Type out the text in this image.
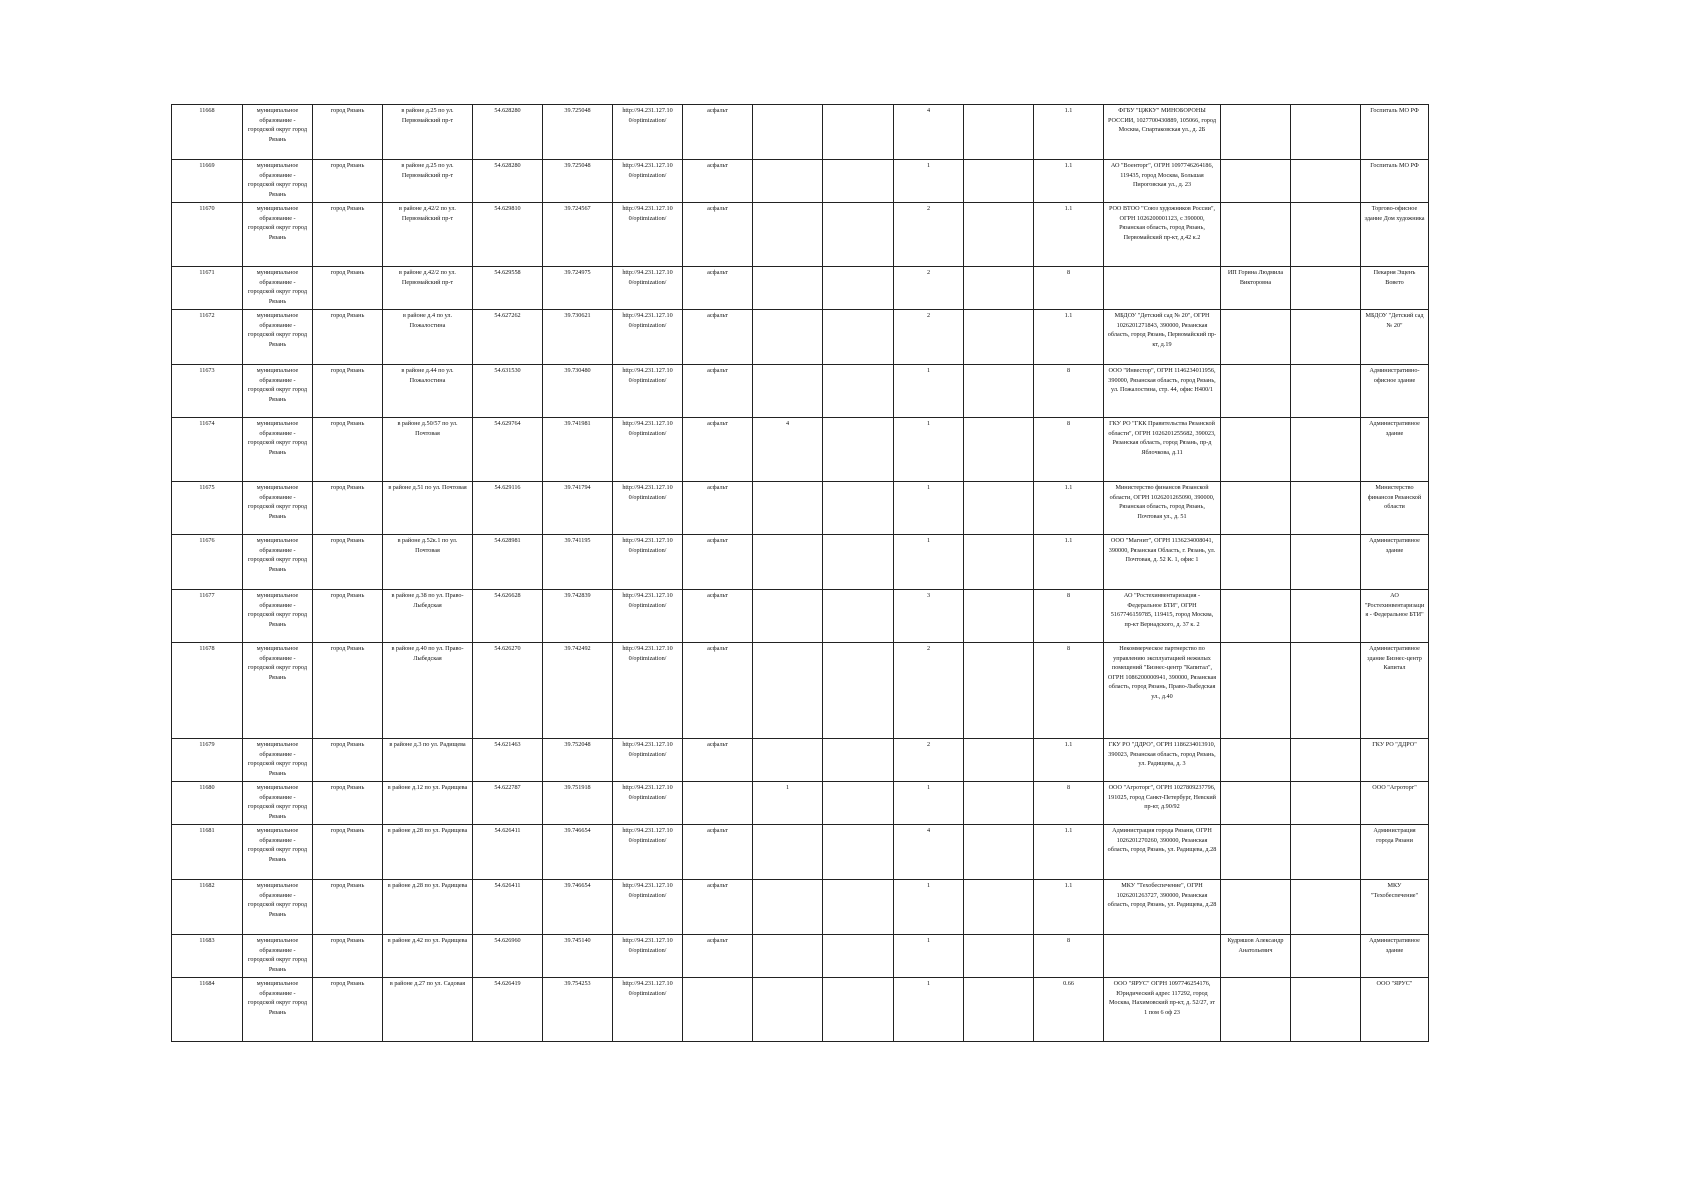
11668	муниципальное образование - городской округ город Рязань	город Рязань	в районе д.25 по ул. Первомайский пр-т	54.628280	39.725048	http://94.231.127.10 0/optimization/	асфальт			4		1.1	ФГБУ "ЦЖКУ" МИНОБОРОНЫ РОССИИ, 1027700430889, 105066, город Москва, Спартаковская ул., д. 2Б			Госпиталь МО РФ
11669	муниципальное образование - городской округ город Рязань	город Рязань	в районе д.25 по ул. Первомайский пр-т	54.628280	39.725048	http://94.231.127.10 0/optimization/	асфальт			1		1.1	АО "Военторг", ОГРН 1097746264186, 119435, город Москва, Большая Пироговская ул., д. 23			Госпиталь МО РФ
11670	муниципальное образование - городской округ город Рязань	город Рязань	в районе д.42/2 по ул. Первомайский пр-т	54.629810	39.724567	http://94.231.127.10 0/optimization/	асфальт			2		1.1	РОО ВТОО "Союз художников России", ОГРН 1026200001123, с 390000, Рязанская область, город Рязань, Первомайский пр-кт, д.42 к.2			Торгово-офисное здание Дом художника
11671	муниципальное образование - городской округ город Рязань	город Рязань	в районе д.42/2 по ул. Первомайский пр-т	54.629558	39.724975	http://94.231.127.10 0/optimization/	асфальт			2		8		ИП Горина Людмила Викторовна		Пекарня Эщенъ Вовето
11672	муниципальное образование - городской округ город Рязань	город Рязань	в районе д.4 по ул. Пожалостина	54.627262	39.730621	http://94.231.127.10 0/optimization/	асфальт			2		1.1	МБДОУ "Детский сад № 20", ОГРН 1026201271843, 390000, Рязанская область, город Рязань, Первомайский пр-кт, д.19			МБДОУ "Детский сад № 20"
11673	муниципальное образование - городской округ город Рязань	город Рязань	в районе д.44 по ул. Пожалостина	54.631530	39.730480	http://94.231.127.10 0/optimization/	асфальт			1		8	ООО "Инвестор", ОГРН 1146234011956, 390000, Рязанская область, город Рязань, ул. Пожалостина, стр. 44, офис Н400/1			Административно-офисное здание
11674	муниципальное образование - городской округ город Рязань	город Рязань	в районе д.50/57 по ул. Почтовая	54.629764	39.741981	http://94.231.127.10 0/optimization/	асфальт	4		1		8	ГКУ РО "ГКК Правительства Рязанской области", ОГРН 1026201255682, 390023, Рязанская область, город Рязань, пр-д Яблочкова, д.11			Административное здание
11675	муниципальное образование - городской округ город Рязань	город Рязань	в районе д.51 по ул. Почтовая	54.629116	39.741794	http://94.231.127.10 0/optimization/	асфальт			1		1.1	Министерство финансов Рязанской области, ОГРН 1026201265090, 390000, Рязанская область, город Рязань, Почтовая ул., д. 51			Министерство финансов Рязанской области
11676	муниципальное образование - городской округ город Рязань	город Рязань	в районе д.52к.1 по ул. Почтовая	54.628981	39.741195	http://94.231.127.10 0/optimization/	асфальт			1		1.1	ООО "Магнит", ОГРН 1136234008041, 390000, Рязанская Область, г. Рязань, ул. Почтовая, д. 52 К. 1, офис 1			Административное здание
11677	муниципальное образование - городской округ город Рязань	город Рязань	в районе д.38 по ул. Право-Лыбедская	54.626628	39.742839	http://94.231.127.10 0/optimization/	асфальт			3		8	АО "Ростехинвентаризация - Федеральное БТИ", ОГРН 5167746159785, 119415, город Москва, пр-кт Вернадского, д. 37 к. 2			АО "Ростехинвентаризация - Федеральное БТИ"
11678	муниципальное образование - городской округ город Рязань	город Рязань	в районе д.40 по ул. Право-Лыбедская	54.626270	39.742492	http://94.231.127.10 0/optimization/	асфальт			2		8	Некоммерческое партнерство по управлению эксплуатацией нежилых помещений "Бизнес-центр "Капитал", ОГРН 1086200000941, 390000, Рязанская область, город Рязань, Право-Лыбедская ул., д.40			Административное здание Бизнес-центр Капитал
11679	муниципальное образование - городской округ город Рязань	город Рязань	в районе д.3 по ул. Радищева	54.621463	39.752048	http://94.231.127.10 0/optimization/	асфальт			2		1.1	ГКУ РО "ДДРО", ОГРН 1186234013910, 390023, Рязанская область, город Рязань, ул. Радищева, д. 3			ГКУ РО "ДДРО"
11680	муниципальное образование - городской округ город Рязань	город Рязань	в районе д.12 по ул. Радищева	54.622787	39.751918	http://94.231.127.10 0/optimization/		1		1		8	ООО "Агроторг", ОГРН 1027809237796, 191025, город Санкт-Петербург, Невский пр-кт, д.90/92			ООО "Агроторг"
11681	муниципальное образование - городской округ город Рязань	город Рязань	в районе д.28 по ул. Радищева	54.626411	39.746654	http://94.231.127.10 0/optimization/	асфальт			4		1.1	Администрация города Рязани, ОГРН 1026201270260, 390000, Рязанская область, город Рязань, ул. Радищева, д.28			Администрация города Рязани
11682	муниципальное образование - городской округ город Рязань	город Рязань	в районе д.28 по ул. Радищева	54.626411	39.746654	http://94.231.127.10 0/optimization/	асфальт			1		1.1	МКУ "Техобеспечение", ОГРН 1026201263727, 390000, Рязанская область, город Рязань, ул. Радищева, д.28			МКУ "Техобеспечение"
11683	муниципальное образование - городской округ город Рязань	город Рязань	в районе д.42 по ул. Радищева	54.626960	39.745140	http://94.231.127.10 0/optimization/	асфальт			1		8		Кудряшов Александр Анатольевич		Административное здание
11684	муниципальное образование - городской округ город Рязань	город Рязань	в районе д.27 по ул. Садовая	54.626419	39.754253	http://94.231.127.10 0/optimization/				1		0.66	ООО "ЯРУС" ОГРН 1097746254176, Юридический адрес 117292, город Москва, Нахимовский пр-кт, д. 52/27, эт 1 пом 6 оф 23			ООО "ЯРУС"
